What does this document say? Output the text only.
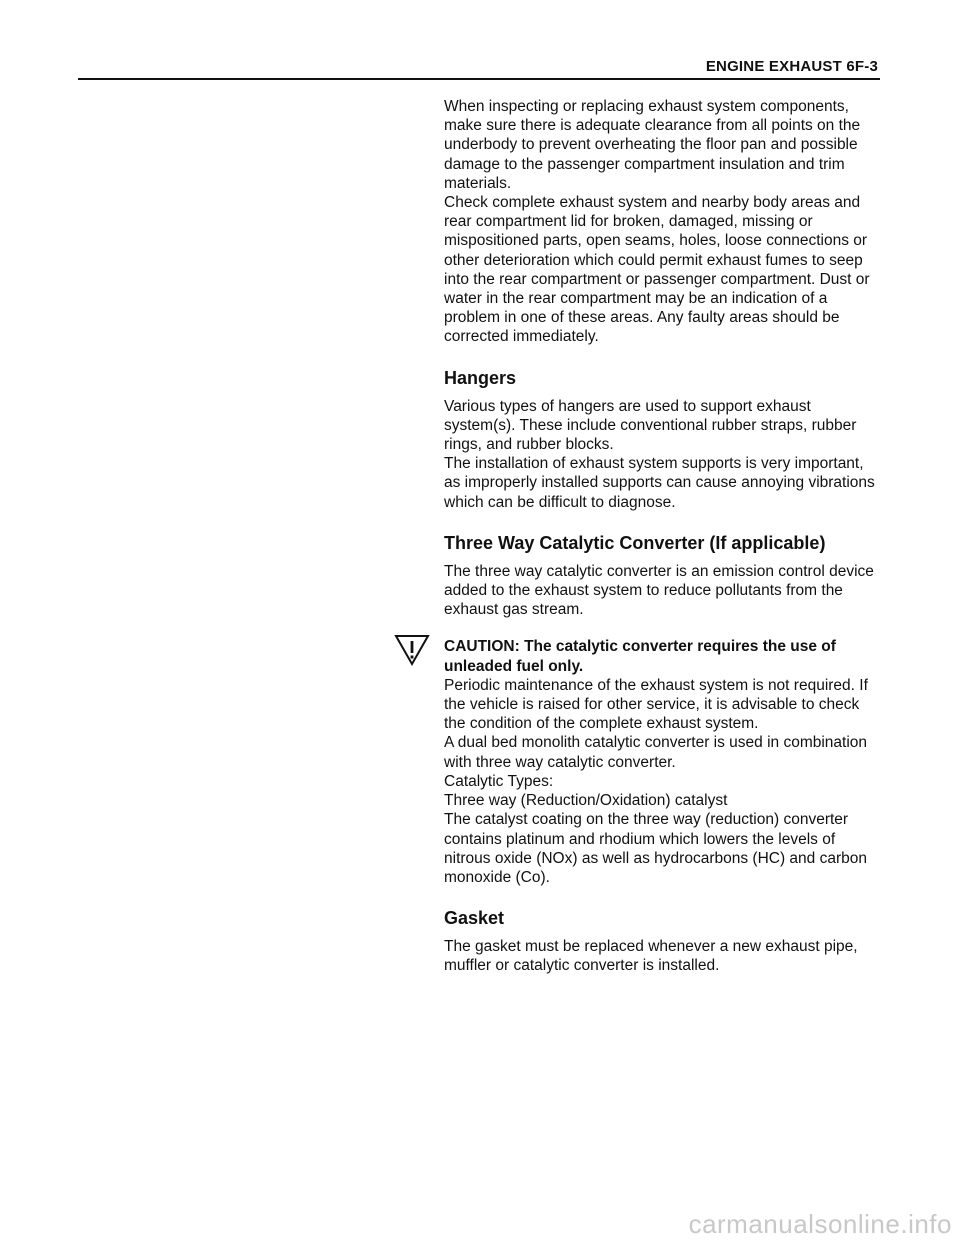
ENGINE EXHAUST 6F-3

When inspecting or replacing exhaust system components, make sure there is adequate clearance from all points on the underbody to prevent overheating the floor pan and possible damage to the passenger compartment insulation and trim materials.

Check complete exhaust system and nearby body areas and rear compartment lid for broken, damaged, missing or mispositioned parts, open seams, holes, loose connections or other deterioration which could permit exhaust fumes to seep into the rear compartment or passenger compartment. Dust or water in the rear compartment may be an indication of a problem in one of these areas. Any faulty areas should be corrected immediately.

Hangers

Various types of hangers are used to support exhaust system(s). These include conventional rubber straps, rubber rings, and rubber blocks.

The installation of exhaust system supports is very important, as improperly installed supports can cause annoying vibrations which can be difficult to diagnose.

Three Way Catalytic Converter (If applicable)

The three way catalytic converter is an emission control device added to the exhaust system to reduce pollutants from the exhaust gas stream.

CAUTION: The catalytic converter requires the use of unleaded fuel only.

Periodic maintenance of the exhaust system is not required. If the vehicle is raised for other service, it is advisable to check the condition of the complete exhaust system.

A dual bed monolith catalytic converter is used in combination with three way catalytic converter.

Catalytic Types:

Three way (Reduction/Oxidation) catalyst

The catalyst coating on the three way (reduction) converter contains platinum and rhodium which lowers the levels of nitrous oxide (NOx) as well as hydrocarbons (HC) and carbon monoxide (Co).

Gasket

The gasket must be replaced whenever a new exhaust pipe, muffler or catalytic converter is installed.

carmanualsonline.info
